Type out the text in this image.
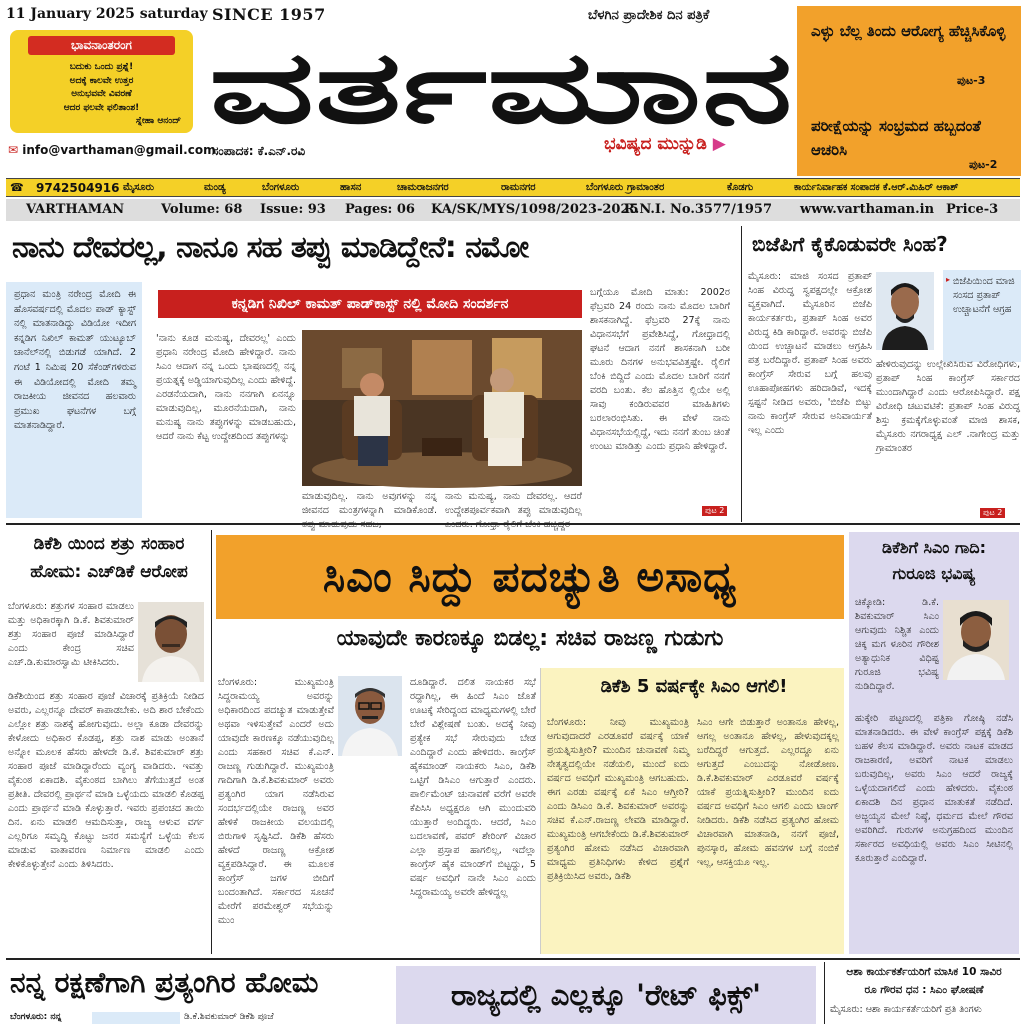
11 January 2025 saturday SINCE 1957	ಬೆಳಗಿನ ಪ್ರಾದೇಶಿಕ ದಿನ ಪತ್ರಿಕೆ
ಭಾವನಾಂತರಂಗ
ಬದುಕು ಒಂದು ಪ್ರಶ್ನೆ!
ಅದಕ್ಕೆ ಕಾಲವೇ ಉತ್ತರ
ಅನುಭವವೇ ವಿವರಣೆ
ಆದರ ಫಲವೇ ಫಲಿತಾಂಶ!
ಸ್ನೇಹಾ ಆನಂದ್
✉ info@varthaman@gmail.com
ವರ್ತಮಾನ
ಭವಿಷ್ಯದ ಮುನ್ನುಡಿ ▶
ಸಂಪಾದಕ: ಕೆ.ಎನ್.ರವಿ
ಎಳ್ಳು ಬೆಲ್ಲ ತಿಂದು ಆರೋಗ್ಯ ಹೆಚ್ಚಿಸಿಕೊಳ್ಳಿ
ಪುಟ-3
ಪರೀಕ್ಷೆಯನ್ನು ಸಂಭ್ರಮದ ಹಬ್ಬದಂತೆ ಆಚರಿಸಿ
ಪುಟ-2
☎ 9742504916 ಮೈಸೂರು	ಮಂಡ್ಯ	ಬೆಂಗಳೂರು	ಹಾಸನ	ಚಾಮರಾಜನಗರ	ರಾಮನಗರ	ಬೆಂಗಳೂರು ಗ್ರಾಮಾಂತರ	ಕೊಡಗು	ಕಾರ್ಯನಿರ್ವಾಹಕ ಸಂಪಾದಕ ಕೆ.ಆರ್.ಮಿಹಿರ್ ಆಕಾಶ್
VARTHAMAN	Volume: 68 Issue: 93 Pages: 06 KA/SK/MYS/1098/2023-2025
R.N.I. No.3577/1957 www.varthaman.in Price-3
ನಾನು ದೇವರಲ್ಲ, ನಾನೂ ಸಹ ತಪ್ಪು ಮಾಡಿದ್ದೇನೆ: ನಮೋ
ಪ್ರಧಾನ ಮಂತ್ರಿ ನರೇಂದ್ರ ಮೋದಿ ಈ ಹೊಸವರ್ಷದಲ್ಲಿ ಮೊದಲ ಪಾಡ್ ಕ್ಯಾಸ್ಟ್ ನಲ್ಲಿ ಮಾತನಾಡಿದ್ದು ವಿಡಿಯೋ ಇದೀಗ ಕನ್ನಡಿಗ ನಿಖಿಲ್ ಕಾಮತ್ ಯುಟ್ಯೂಬ್ ಚಾನೆಲ್‌ನಲ್ಲಿ ಬಿಡುಗಡೆ ಯಾಗಿದೆ. 2 ಗಂಟೆ 1 ನಿಮಿಷ 20 ಸೆಕೆಂಡ್‌ಗಳಿರುವ ಈ ವಿಡಿಯೋದಲ್ಲಿ ಮೋದಿ ತಮ್ಮ ರಾಜಕೀಯ ಜೀವನದ ಹಲವಾರು ಪ್ರಮುಖ ಘಟನೆಗಳ ಬಗ್ಗೆ ಮಾತನಾಡಿದ್ದಾರೆ.
ಕನ್ನಡಿಗ ನಿಖಿಲ್ ಕಾಮತ್ ಪಾಡ್‌ಕಾಸ್ಟ್ ನಲ್ಲಿ ಮೋದಿ ಸಂದರ್ಶನ
'ನಾನು ಕೂಡ ಮನುಷ್ಯ, ದೇವರಲ್ಲ' ಎಂದು ಪ್ರಧಾನಿ ನರೇಂದ್ರ ಮೋದಿ ಹೇಳಿದ್ದಾರೆ. ನಾನು ಸಿಎಂ ಆದಾಗ ನನ್ನ ಒಂದು ಭಾಷಣದಲ್ಲಿ ನನ್ನ ಪ್ರಯತ್ನಕ್ಕೆ ಅಡ್ಡಿಯಾಗುವುದಿಲ್ಲ ಎಂದು ಹೇಳಿದ್ದೆ. ಎರಡನೆಯದಾಗಿ, ನಾನು ನನಗಾಗಿ ಏನನ್ನೂ ಮಾಡುವುದಿಲ್ಲ, ಮೂರನೆಯದಾಗಿ, ನಾನು ಮನುಷ್ಯ ನಾನು ತಪ್ಪುಗಳನ್ನು ಮಾಡಬಹುದು, ಆದರೆ ನಾನು ಕೆಟ್ಟ ಉದ್ದೇಶದಿಂದ ತಪ್ಪುಗಳನ್ನು
ಮಾಡುವುದಿಲ್ಲ. ನಾನು ಅವುಗಳನ್ನು ನನ್ನ ಜೀವನದ ಮಂತ್ರಗಳನ್ನಾಗಿ ಮಾಡಿಕೊಂಡೆ.
ನಾನು ಮನುಷ್ಯ, ನಾನು ದೇವರಲ್ಲ. ಆದರೆ ಉದ್ದೇಶಪೂರ್ವಕವಾಗಿ ತಪ್ಪು ಮಾಡುವುದಿಲ್ಲ
ಬಗ್ಗೆಯೂ ಮೋದಿ ಮಾತು: 2002ರ ಫೆಬ್ರವರಿ 24 ರಂದು ನಾನು ಮೊದಲ ಬಾರಿಗೆ ಶಾಸಕನಾಗಿದ್ದೆ. ಫೆಬ್ರವರಿ 27ಕ್ಕೆ ನಾನು ವಿಧಾನಸಭೆಗೆ ಪ್ರವೇಶಿಸಿದ್ದೆ, ಗೋಧ್ರಾದಲ್ಲಿ ಘಟನೆ ಆದಾಗ ನನಗೆ ಶಾಸಕನಾಗಿ ಬರೀ ಮೂರು ದಿನಗಳ ಅನುಭವವಿತ್ತಷ್ಟೇ. ರೈಲಿಗೆ ಬೆಂಕಿ ಬಿದ್ದಿದೆ ಎಂದು ಮೊದಲ ಬಾರಿಗೆ ನನಗೆ ವರದಿ ಬಂತು. ಕೆಲ ಹೊತ್ತಿನ ಲ್ಲಿಯೇ ಅಲ್ಲಿ ಸಾವು ಕಂಡಿರುವವರ ಮಾಹಿತಿಗಳು ಬರಲಾರಂಭಿಸಿತು. ಈ ವೇಳೆ ನಾನು ವಿಧಾನಸಭೆಯಲ್ಲಿದ್ದೆ, ಇದು ನನಗೆ ತುಂಬ ಚಿಂತೆ ಉಂಟು ಮಾಡಿತ್ತು ಎಂದು ಪ್ರಧಾನಿ ಹೇಳಿದ್ದಾರೆ.
ಪುಟ 2
ಬಿಜೆಪಿಗೆ ಕೈಕೊಡುವರೇ ಸಿಂಹ?
ಮೈಸೂರು: ಮಾಜಿ ಸಂಸದ ಪ್ರತಾಪ್ ಸಿಂಹ ವಿರುದ್ಧ ಸ್ವಪಕ್ಷದಲ್ಲೇ ಆಕ್ರೋಶ ವ್ಯಕ್ತವಾಗಿದೆ. ಮೈಸೂರಿನ ಬಿಜೆಪಿ ಕಾರ್ಯಕರ್ತರು, ಪ್ರತಾಪ್ ಸಿಂಹ ಅವರ ವಿರುದ್ಧ ಕಿಡಿ ಕಾರಿದ್ದಾರೆ. ಅವರನ್ನು ಬಿಜೆಪಿ ಯಿಂದ ಉಚ್ಚಾಟನೆ ಮಾಡಲು ಆಗ್ರಹಿಸಿ ಪತ್ರ ಬರೆದಿದ್ದಾರೆ. ಪ್ರತಾಪ್ ಸಿಂಹ ಅವರು ಕಾಂಗ್ರೆಸ್ ಸೇರುವ ಬಗ್ಗೆ ಹಲವು ಊಹಾಪೋಹಗಳು ಹರಿದಾಡಿವೆ, ಇದಕ್ಕೆ ಸ್ಪಷ್ಟನೆ ನೀಡಿದ ಅವರು, 'ಬಿಜೆಪಿ ಬಿಟ್ಟು ನಾನು ಕಾಂಗ್ರೆಸ್ ಸೇರುವ ಅನಿವಾರ್ಯತೆ ಇಲ್ಲ ಎಂದು
▸ ಬಿಜೆಪಿಯಿಂದ ಮಾಜಿ ಸಂಸದ ಪ್ರತಾಪ್ ಉಚ್ಚಾಟನೆಗೆ ಆಗ್ರಹ
ಹೇಳಿರುವುದನ್ನು ಉಲ್ಲೇಖಿಸಿರುವ ವಿರೋಧಿಗಳು, ಪ್ರತಾಪ್ ಸಿಂಹ ಕಾಂಗ್ರೆಸ್ ಸರ್ಕಾರದ ಮುಂದಾಗಿದ್ದಾರೆ ಎಂದು ಆರೋಪಿಸಿದ್ದಾರೆ. ಪಕ್ಷ ವಿರೋಧಿ ಚಟುವಟಿಕೆ: ಪ್ರತಾಪ್ ಸಿಂಹ ವಿರುದ್ಧ ಶಿಸ್ತು ಕ್ರಮಕ್ಕೆಗೊಳ್ಳುವಂತೆ ಮಾಜಿ ಶಾಸಕ, ಮೈಸೂರು ನಗರಾಧ್ಯಕ್ಷ ಎಲ್ .ನಾಗೇಂದ್ರ ಮತ್ತು ಗ್ರಾಮಾಂತರ
ಪುಟ 2
ಡಿಕೆಶಿ ಯಿಂದ ಶತ್ರು ಸಂಹಾರ
ಹೋಮ: ಎಚ್‌ಡಿಕೆ ಆರೋಪ
ಬೆಂಗಳೂರು: ಶತ್ರುಗಳ ಸಂಹಾರ ಮಾಡಲು ಮತ್ತು ಅಧಿಕಾರಕ್ಕಾಗಿ ಡಿ.ಕೆ. ಶಿವಕುಮಾರ್ ಶತ್ರು ಸಂಹಾರ ಪೂಜೆ ಮಾಡಿಸಿದ್ದಾರೆ ಎಂದು ಕೇಂದ್ರ ಸಚಿವ ಎಚ್.ಡಿ.ಕುಮಾರಸ್ವಾಮಿ ಟೀಕಿಸಿದರು.
ಡಿಕೆಶಿಯಿಂದ ಶತ್ರು ಸಂಹಾರ ಪೂಜೆ ವಿಚಾರಕ್ಕೆ ಪ್ರತಿಕ್ರಿಯೆ ನೀಡಿದ ಅವರು, ಎಲ್ಲರನ್ನೂ ದೇವರ್‌ ಕಾಪಾಡಬೇಕು. ಅದಿ ಶಾರ ಬೇಕೆಂದು ಎಲ್ಲೋ ಶತ್ರು ನಾಶಕ್ಕೆ ಹೋಗುವುದು. ಅಲ್ಲಾ ಕೂಡಾ ದೇವರನ್ನು ಕೇಳೋದು ಅಧಿಕಾರ ಕೊಡಪ್ಪ, ಶತ್ರು ನಾಶ ಮಾಡು ಅಂತಾನೆ ಅನ್ನೋ ಮೂಲಕ ಹೆಸರು ಹೇಳದೇ ಡಿ.ಕೆ. ಶಿವಕುಮಾರ್ ಶತ್ರು ಸಂಹಾರ ಪೂಜೆ ಮಾಡಿದ್ದಾರೆಂದು ವ್ಯಂಗ್ಯ ವಾಡಿದರು. ಇವತ್ತು ವೈಕುಂಠ ಏಕಾದಶಿ. ವೈಕುಂಠದ ಬಾಗಿಲು ತೆಗೆಯುತ್ತದೆ ಅಂತ ಪ್ರತೀತಿ. ದೇವರಲ್ಲಿ ಪ್ರಾರ್ಥನೆ ಮಾಡಿ ಒಳ್ಳೆಯದು ಮಾಡಲಿ ಕೊಡಪ್ಪ ಎಂದು ಪ್ರಾರ್ಥನೆ ಮಾಡಿ ಕೊಳ್ಳುತ್ತಾರೆ. ಇವರು ಪ್ರಪಂಚದ ತಾಯಿ ದಿನ. ಏನು ಮಾಡಲಿ ಆಮದಿಸುತ್ತಾ, ರಾಜ್ಯ ಆಳುವ ವರ್ಗ ಎಲ್ಲರಿಗೂ ಸಮೃದ್ಧಿ ಕೊಟ್ಟು ಜನರ ಸಮಸ್ಯೆಗೆ ಒಳ್ಳೆಯ ಕೆಲಸ ಮಾಡುವ ವಾತಾವರಣ ನಿರ್ಮಾಣ ಮಾಡಲಿ ಎಂದು ಕೇಳಿಕೊಳ್ಳುತ್ತೇನೆ ಎಂದು ತಿಳಿಸಿದರು.
ಸಿಎಂ ಸಿದ್ದು ಪದಚ್ಯುತಿ ಅಸಾಧ್ಯ
ಯಾವುದೇ ಕಾರಣಕ್ಕೂ ಬಿಡಲ್ಲ: ಸಚಿವ ರಾಜಣ್ಣ ಗುಡುಗು
ಬೆಂಗಳೂರು: ಮುಖ್ಯಮಂತ್ರಿ ಸಿದ್ದರಾಮಯ್ಯ ಅವರನ್ನು ಅಧಿಕಾರದಿಂದ ಪದಚ್ಯುತ ಮಾಡುತ್ತೇವೆ ಅಥವಾ ಇಳಿಸುತ್ತೇವೆ ಎಂದರೆ ಅದು ಯಾವುದೇ ಕಾರಣಕ್ಕೂ ನಡೆಯುವುದಿಲ್ಲ ಎಂದು ಸಹಕಾರ ಸಚಿವ ಕೆ.ಎನ್. ರಾಜಣ್ಣ ಗುಡುಗಿದ್ದಾರೆ. ಮುಖ್ಯಮಂತ್ರಿ ಗಾದಿಗಾಗಿ ಡಿ.ಕೆ.ಶಿವಕುಮಾರ್ ಅವರು ಪ್ರತ್ಯಂಗಿರ ಯಾಗ ನಡೆಸಿರುವ ಸಂದರ್ಭದಲ್ಲಿಯೇ ರಾಜಣ್ಣ ಅವರ ಹೇಳಿಕೆ ರಾಜಕೀಯ ವಲಯದಲ್ಲಿ ಬಿರುಗಾಳಿ ಸೃಷ್ಟಿಸಿದೆ. ಡಿಕೆಶಿ ಹೆಸರು ಹೇಳದೆ ರಾಜಣ್ಣ ಆಕ್ರೋಶ ವ್ಯಕ್ತಪಡಿಸಿದ್ದಾರೆ. ಈ ಮೂಲಕ ಕಾಂಗ್ರೆಸ್ ಜಗಳ ಬೀದಿಗೆ ಬಂದಂತಾಗಿದೆ. ಸರ್ಕಾರದ ಸೂಚನೆ ಮೇರೆಗೆ ಪರಮೇಶ್ವರ್ ಸಭೆಯನ್ನು ಮುಂ
ದೂಡಿದ್ದಾರೆ. ದಲಿತ ನಾಯಕರ ಸಭೆ ರದ್ದಾಗಿಲ್ಲ, ಈ ಹಿಂದೆ ಸಿಎಂ ಜೊತೆ ಊಟಕ್ಕೆ ಸೇರಿದ್ದಂದ ಮಾಧ್ಯಮಗಳಲ್ಲಿ ಬೇರೆ ಬೇರೆ ವಿಶ್ಲೇಷಣೆ ಬಂತು. ಅದಕ್ಕೆ ನೀವು ಪ್ರತ್ಯೇಕ ಸಭೆ ಸೇರುವುದು ಬೇಡ ಎಂದಿದ್ದಾರೆ ಎಂದು ಹೇಳಿದರು. ಕಾಂಗ್ರೆಸ್ ಹೈಕಮಾಂಡ್ ನಾಯಕರು ಸಿಎಂ, ಡಿಕೆಶಿ ಒಟ್ಟಿಗೆ ಡಿಸಿಎಂ ಆಗುತ್ತಾರೆ ಎಂದರು. ಪಾರ್ಲಿಮೆಂಟ್ ಚುನಾವಣೆ ವರೆಗೆ ಅವರೇ ಕೆಪಿಸಿಸಿ ಅಧ್ಯಕ್ಷರೂ ಆಗಿ ಮುಂದುವರಿ ಯುತ್ತಾರೆ ಅಂದಿದ್ದರು. ಆದರೆ, ಸಿಎಂ ಬದಲಾವಣೆ, ಪವರ್ ಶೇರಿಂಗ್ ವಿಚಾರ ಎಲ್ಲಾ ಪ್ರಸ್ತಾಪ ಹಾಗಲಿಲ್ಲ, ಇದೆಲ್ಲಾ ಕಾಂಗ್ರೆಸ್ ಹೈಕ ಮಾಂಡ್‌ಗೆ ಬಿಟ್ಟದ್ದು, 5 ವರ್ಷ ಅವಧಿಗೆ ನಾನೇ ಸಿಎಂ ಎಂದು ಸಿದ್ದರಾಮಯ್ಯ ಅವರೇ ಹೇಳಿದ್ದಲ್ಲ
ಡಿಕೆಶಿ 5 ವರ್ಷಕ್ಕೇ ಸಿಎಂ ಆಗಲಿ!
ಬೆಂಗಳೂರು: ನೀವು ಮುಖ್ಯಮಂತ್ರಿ ಆಗುವುದಾದರೆ ಎರಡೂವರೆ ವರ್ಷಕ್ಕೆ ಯಾಕೆ ಪ್ರಯತ್ನಿಸುತ್ತೀರಿ? ಮುಂದಿನ ಚುನಾವಣೆ ನಿಮ್ಮ ನೇತೃತ್ವದಲ್ಲಿಯೇ ನಡೆಯಲಿ, ಮುಂದೆ ಐದು ವರ್ಷದ ಅವಧಿಗೆ ಮುಖ್ಯಮಂತ್ರಿ ಆಗಬಹುದು. ಈಗ ಎರಡು ವರ್ಷಕ್ಕೆ ಏಕೆ ಸಿಎಂ ಆಗ್ತೀರಿ? ಎಂದು ಡಿಸಿಎಂ ಡಿ.ಕೆ. ಶಿವಕುಮಾರ್ ಅವರನ್ನು ಸಚಿವ ಕೆ.ಎನ್.ರಾಜಣ್ಣ ಲೇವಡಿ ಮಾಡಿದ್ದಾರೆ. ಮುಖ್ಯಮಂತ್ರಿ ಆಗಬೇಕೆಂದು ಡಿ.ಕೆ.ಶಿವಕುಮಾರ್ ಪ್ರತ್ಯಂಗಿರ ಹೋಮ ನಡೆಸಿದ ವಿಚಾರವಾಗಿ ಮಾಧ್ಯಮ ಪ್ರತಿನಿಧಿಗಳು ಕೇಳಿದ ಪ್ರಶ್ನೆಗೆ ಪ್ರತಿಕ್ರಿಯಿಸಿದ ಅವರು, ಡಿಕೆಶಿ
ಸಿಎಂ ಆಗೇ ಬಿಡುತ್ತಾರೆ ಅಂತಾನೂ ಹೇಳಲ್ಲ, ಆಗಲ್ಲ ಅಂತಾನೂ ಹೇಳಲ್ಲ, ಹೇಳುವುದಕ್ಕಲ್ಲ ಬರೆದಿದ್ದರೆ ಆಗುತ್ತದೆ. ಎಲ್ಲರದ್ದೂ ಏನು ಆಗುತ್ತದೆ ಎಂಬುದನ್ನು ನೋಡೋಣ. ಡಿ.ಕೆ.ಶಿವಕುಮಾರ್ ಎರಡೂವರೆ ವರ್ಷಕ್ಕೆ ಯಾಕೆ ಪ್ರಯತ್ನಿಸುತ್ತೀರಿ? ಮುಂದಿನ ಐದು ವರ್ಷದ ಅವಧಿಗೆ ಸಿಎಂ ಆಗಲಿ ಎಂದು ಟಾಂಗ್ ನೀಡಿದರು. ಡಿಕೆಶಿ ನಡೆಸಿದ ಪ್ರತ್ಯಂಗಿರ ಹೋಮ ವಿಚಾರವಾಗಿ ಮಾತನಾಡಿ, ನನಗೆ ಪೂಜೆ, ಪುನಸ್ಕಾರ, ಹೋಮ ಹವನಗಳ ಬಗ್ಗೆ ನಂಬಿಕೆ ಇಲ್ಲ, ಆಸಕ್ತಿಯೂ ಇಲ್ಲ.
ಡಿಕೆಶಿಗೆ ಸಿಎಂ ಗಾದಿ:
ಗುರೂಜಿ ಭವಿಷ್ಯ
ಚಿಕ್ಕೋಡಿ: ಡಿ.ಕೆ. ಶಿವಕುಮಾರ್ ಸಿಎಂ ಆಗುವುದು ನಿಶ್ಚಿತ ಎಂದು ಚಿಕ್ಕ ಮಗ ಳೂರಿನ ಗೌರೀಶ ಅತ್ಯಾಧುನಿಕ ವಿಧಿಷ್ಟ ಗುರೂಜಿ ಭವಿಷ್ಯ ನುಡಿದಿದ್ದಾರೆ.
ಹುಕ್ಕೇರಿ ಪಟ್ಟಣದಲ್ಲಿ ಪತ್ರಿಕಾ ಗೋಷ್ಠಿ ನಡೆಸಿ ಮಾತನಾಡಿದರು. ಈ ವೇಳೆ ಕಾಂಗ್ರೆಸ್ ಪಕ್ಷಕ್ಕೆ ಡಿಕೆಶಿ ಬಹಳ ಕೆಲಸ ಮಾಡಿದ್ದಾರೆ. ಅವರು ನಾಟಕ ಮಾಡದ ರಾಜಕಾರಣಿ, ಅವರಿಗೆ ನಾಟಕ ಮಾಡಲು ಬರುವುದಿಲ್ಲ, ಅವರು ಸಿಎಂ ಆದರೆ ರಾಜ್ಯಕ್ಕೆ ಒಳ್ಳೆಯದಾಗಲಿದೆ ಎಂದು ಹೇಳಿದರು. ವೈಕುಂಠ ಏಕಾದಶಿ ದಿನ ಪ್ರಧಾನ ಮಾತುಕತೆ ನಡೆದಿದೆ. ಅಜ್ಜಯ್ಯನ ಮೇಲೆ ನಿಷ್ಠೆ, ಧರ್ಮದ ಮೇಲೆ ಗೌರವ ಅವರಿಗಿದೆ. ಗುರುಗಳ ಅನುಗ್ರಹದಿಂದ ಮುಂದಿನ ಸರ್ಕಾರದ ಅವಧಿಯಲ್ಲಿ ಅವರು ಸಿಎಂ ಸೀಟಿನಲ್ಲಿ ಕೂರುತ್ತಾರೆ ಎಂದಿದ್ದಾರೆ.
ನನ್ನ ರಕ್ಷಣೆಗಾಗಿ ಪ್ರತ್ಯಂಗಿರ ಹೋಮ
ಬೆಂಗಳೂರು: ನನ್ನ	ಡಿ.ಕೆ.ಶಿವಕುಮಾರ್ ಡಿಕೆಶಿ ಪೂಜೆ
ರಾಜ್ಯದಲ್ಲಿ ಎಲ್ಲಕ್ಕೂ 'ರೇಟ್ ಫಿಕ್ಸ್'
ಆಶಾ ಕಾರ್ಯಕರ್ತೆಯರಿಗೆ ಮಾಸಿಕ 10 ಸಾವಿರ
ರೂ ಗೌರವ ಧನ : ಸಿಎಂ ಘೋಷಣೆ
ಮೈಸೂರು: ಆಶಾ ಕಾರ್ಯಕರ್ತೆಯರಿಗೆ ಪ್ರತಿ ತಿಂಗಳು
